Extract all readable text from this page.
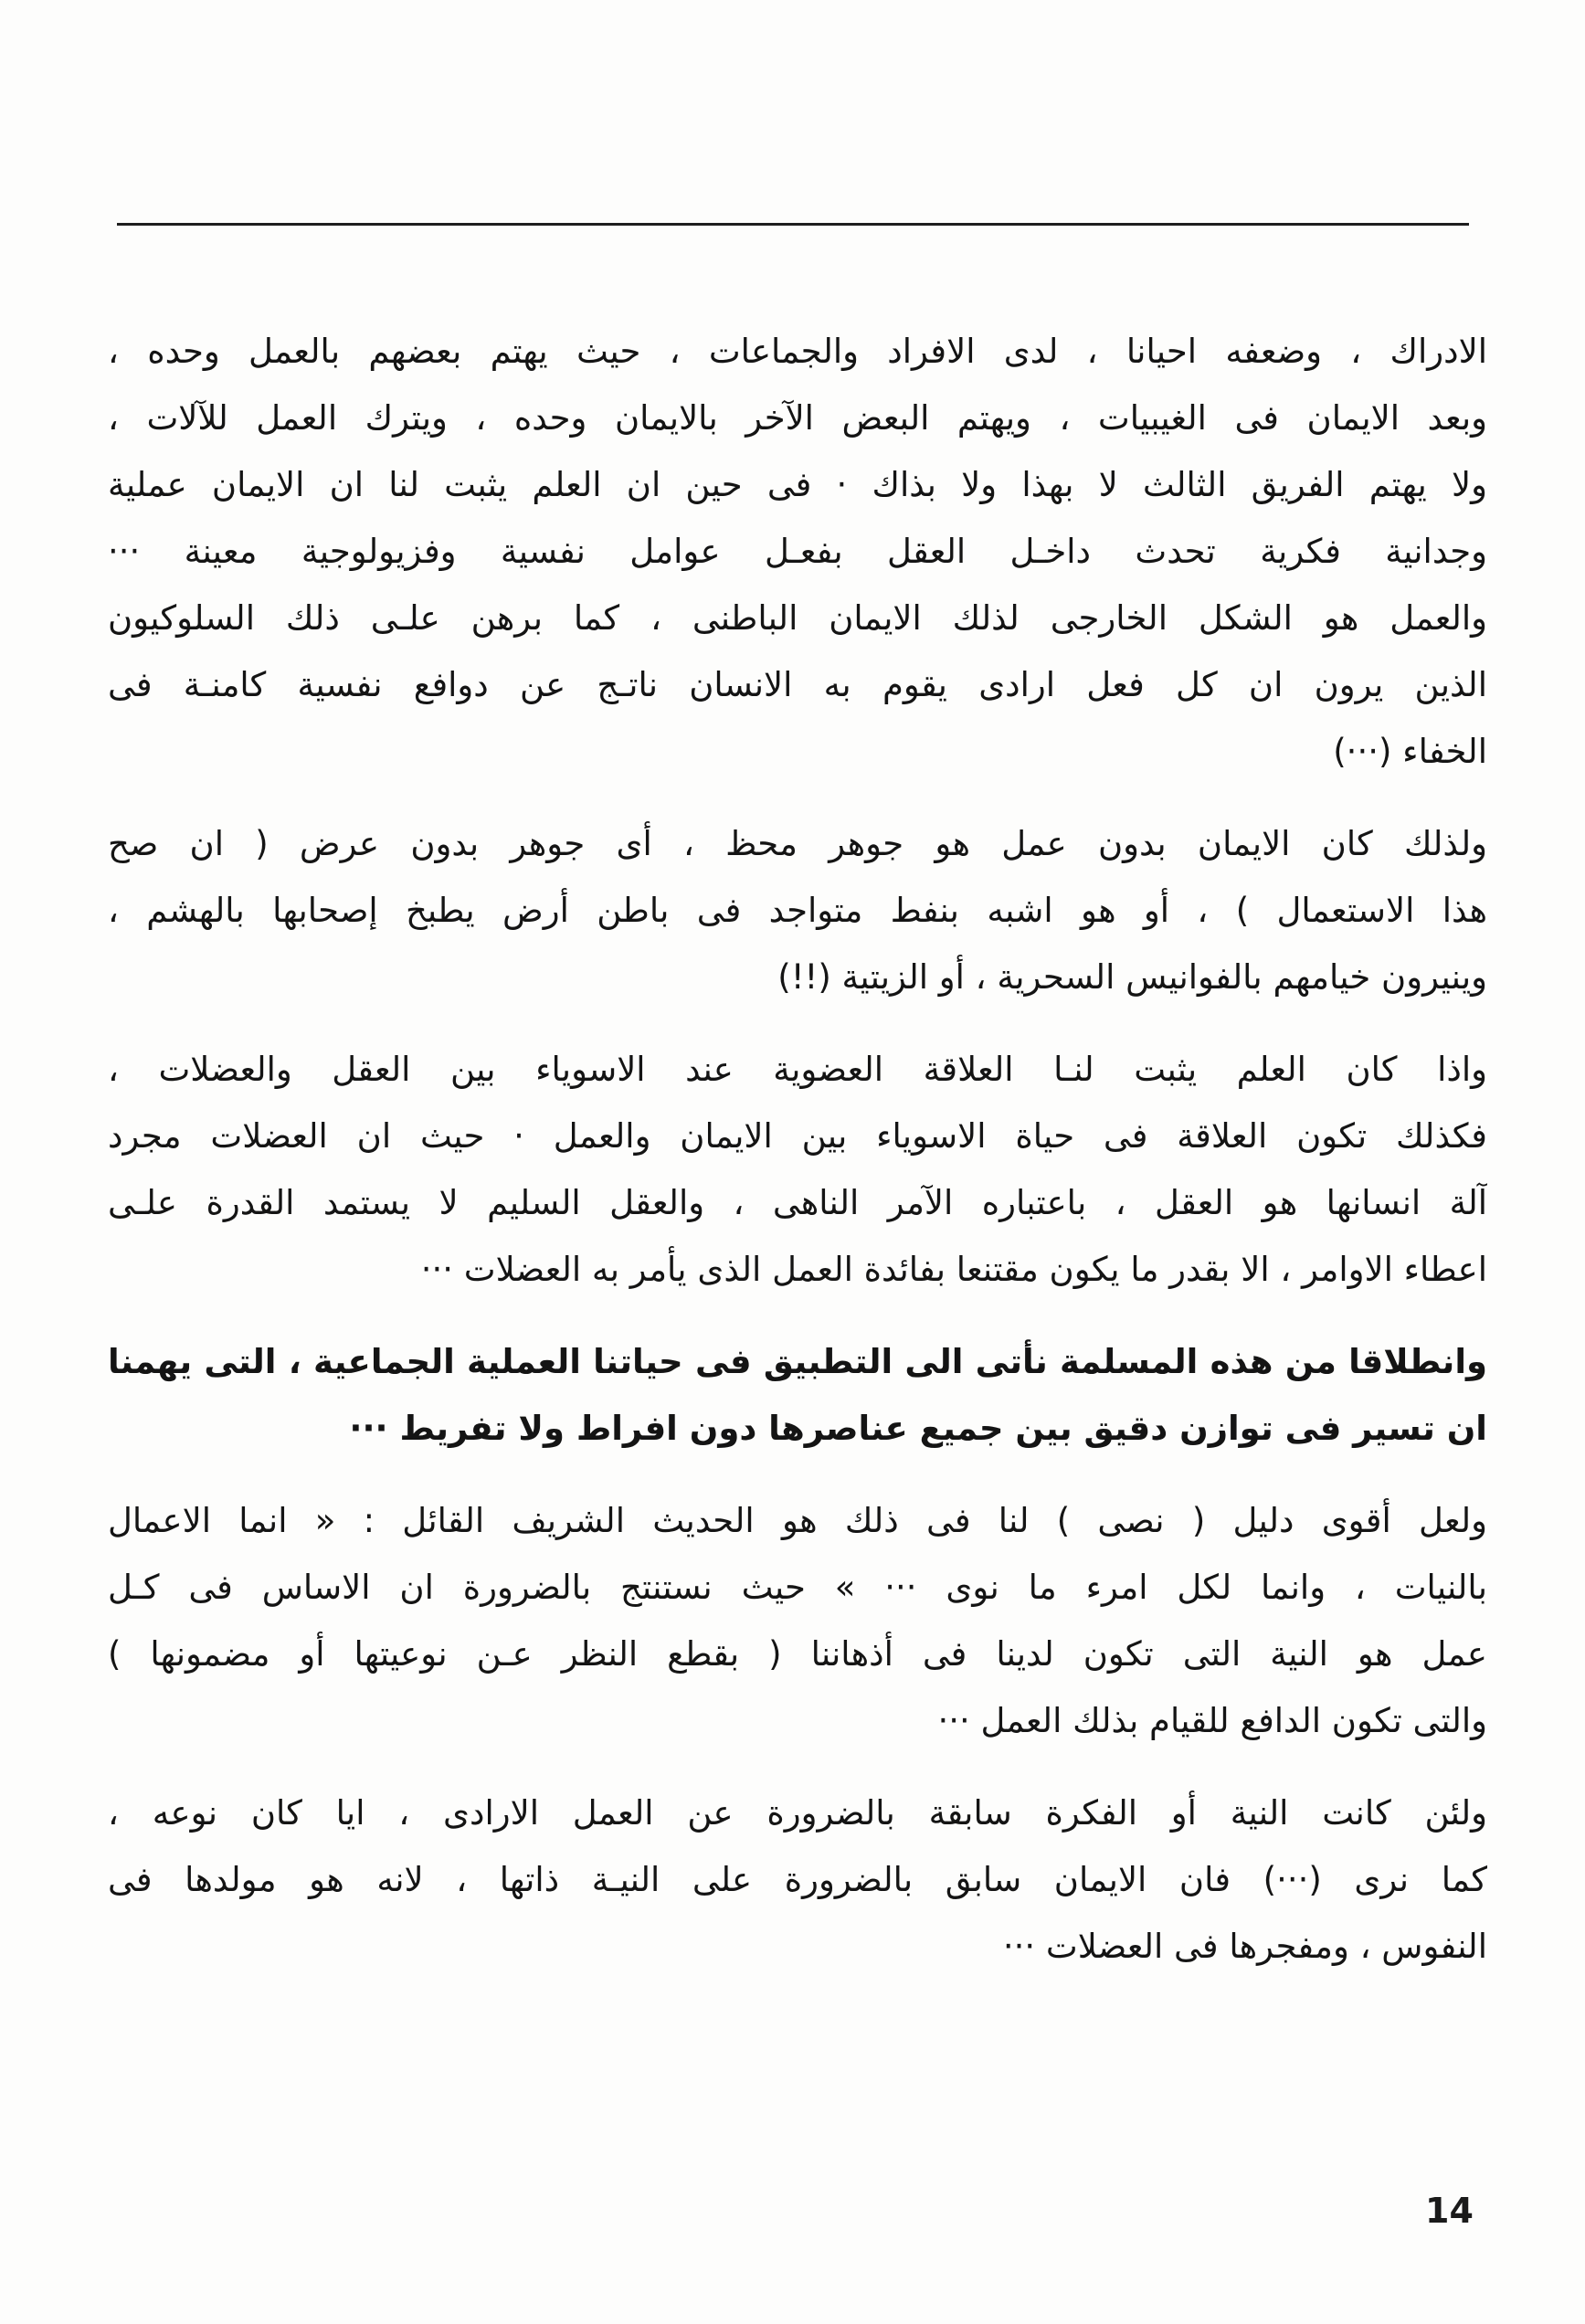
الادراك ، وضعفه احيانا ، لدى الافراد والجماعات ، حيث يهتم بعضهم بالعمل وحده ،
وبعد الايمان فى الغيبيات ، ويهتم البعض الآخر بالايمان وحده ، ويترك العمل للآلات ،
ولا يهتم الفريق الثالث لا بهذا ولا بذاك · فى حين ان العلم يثبت لنا ان الايمان عملية
وجدانية فكرية تحدث داخـل العقل بفعـل عوامل نفسية وفزيولوجية معينة ···
والعمل هو الشكل الخارجى لذلك الايمان الباطنى ، كما برهن علـى ذلك السلوكيون
الذين يرون ان كل فعل ارادى يقوم به الانسان ناتـج عن دوافع نفسية كامنـة فى
الخفاء (···)
ولذلك كان الايمان بدون عمل هو جوهر محظ ، أى جوهر بدون عرض ( ان صح
هذا الاستعمال ) ، أو هو اشبه بنفط متواجد فى باطن أرض يطبخ إصحابها بالهشم ،
وينيرون خيامهم بالفوانيس السحرية ، أو الزيتية (!!)
واذا كان العلم يثبت لنـا العلاقة العضوية عند الاسوياء بين العقل والعضلات ،
فكذلك تكون العلاقة فى حياة الاسوياء بين الايمان والعمل · حيث ان العضلات مجرد
آلة انسانها هو العقل ، باعتباره الآمر الناهى ، والعقل السليم لا يستمد القدرة علـى
اعطاء الاوامر ، الا بقدر ما يكون مقتنعا بفائدة العمل الذى يأمر به العضلات ···
وانطلاقا من هذه المسلمة نأتى الى التطبيق فى حياتنا العملية الجماعية ، التى يهمنا
ان تسير فى توازن دقيق بين جميع عناصرها دون افراط ولا تفريط ···
ولعل أقوى دليل ( نصى ) لنا فى ذلك هو الحديث الشريف القائل : « انما الاعمال
بالنيات ، وانما لكل امرء ما نوى ··· » حيث نستنتج بالضرورة ان الاساس فى كـل
عمل هو النية التى تكون لدينا فى أذهاننا ( بقطع النظر عـن نوعيتها أو مضمونها )
والتى تكون الدافع للقيام بذلك العمل ···
ولئن كانت النية أو الفكرة سابقة بالضرورة عن العمل الارادى ، ايا كان نوعه ،
كما نرى (···) فان الايمان سابق بالضرورة على النيـة ذاتها ، لانه هو مولدها فى
النفوس ، ومفجرها فى العضلات ···
14
